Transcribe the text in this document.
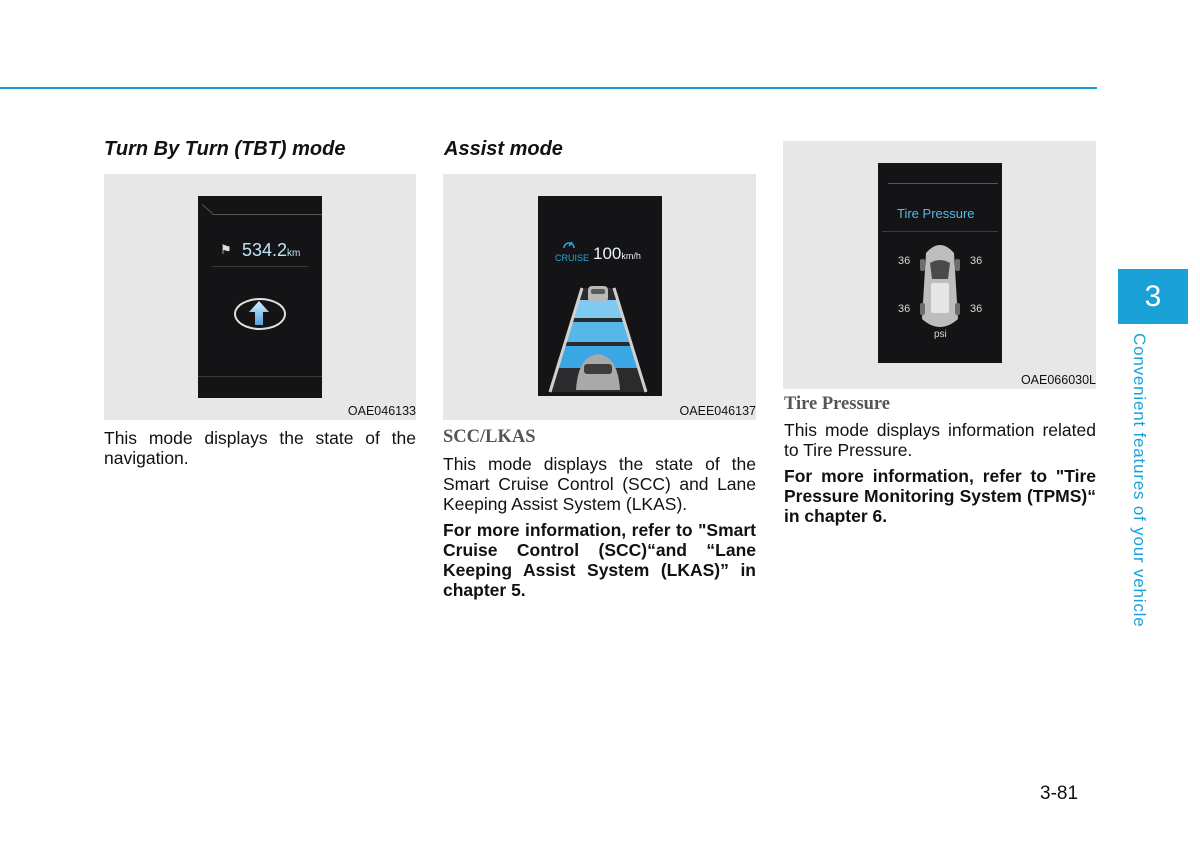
Turn By Turn (TBT) mode
⚑ 534.2km
OAE046133
This mode displays the state of the navigation.
Assist mode
CRUISE 100km/h
OAEE046137
SCC/LKAS
This mode displays the state of the Smart Cruise Control (SCC) and Lane Keeping Assist System (LKAS).
For more information, refer to "Smart Cruise Control (SCC)“and “Lane Keeping Assist System (LKAS)” in chapter 5.
Tire Pressure
36	36
36	36
psi
OAE066030L
Tire Pressure
This mode displays information related to Tire Pressure.
For more information, refer to "Tire Pressure Monitoring System (TPMS)“ in chapter 6.
3
Convenient features of your vehicle
3-81
